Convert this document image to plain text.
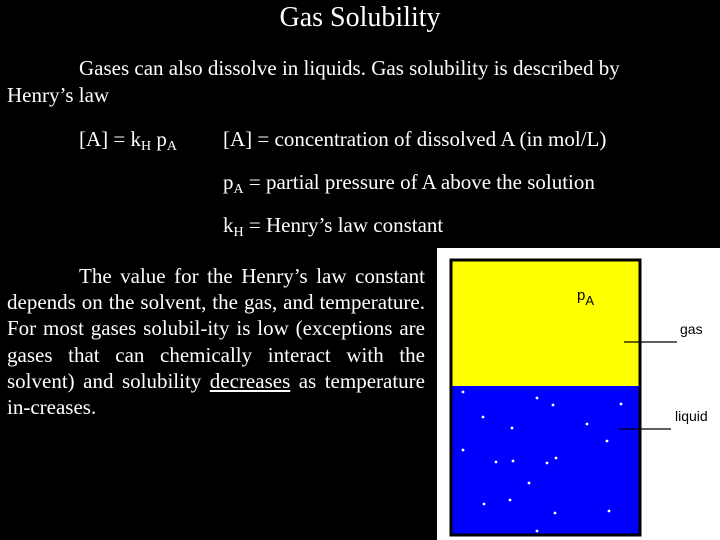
Gas Solubility
Gases can also dissolve in liquids. Gas solubility is described by
Henry’s law
$[A] = k_H$ $p_A$ [A] = concentration of dissolved A (in mol/L)
$p_A$ = partial pressure of A above the solution
$k_H$ = Henry’s law constant
The value for the Henry’s law constant depends on the solvent, the gas, and temperature. For most gases solubil-ity is low (exceptions are gases that can chemically interact with the solvent) and solubility decreases as temperature in-creases.
pA
gas
liquid
